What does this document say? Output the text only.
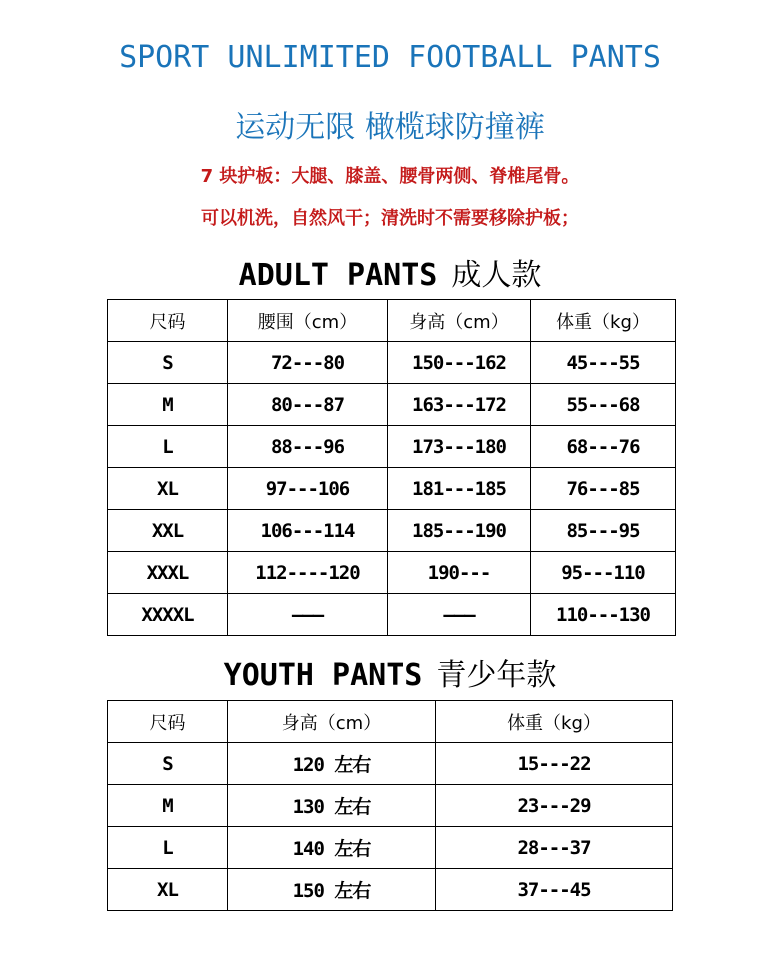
SPORT UNLIMITED FOOTBALL PANTS
运动无限 橄榄球防撞裤
7 块护板：大腿、膝盖、腰骨两侧、脊椎尾骨。
可以机洗，自然风干；清洗时不需要移除护板；
ADULT PANTS 成人款
尺码	腰围（cm）	身高（cm）	体重（kg）
S	72---80	150---162	45---55
M	80---87	163---172	55---68
L	88---96	173---180	68---76
XL	97---106	181---185	76---85
XXL	106---114	185---190	85---95
XXXL	112----120	190---	95---110
XXXXL	———	———	110---130
YOUTH PANTS 青少年款
尺码	身高（cm）	体重（kg）
S	120 左右	15---22
M	130 左右	23---29
L	140 左右	28---37
XL	150 左右	37---45
